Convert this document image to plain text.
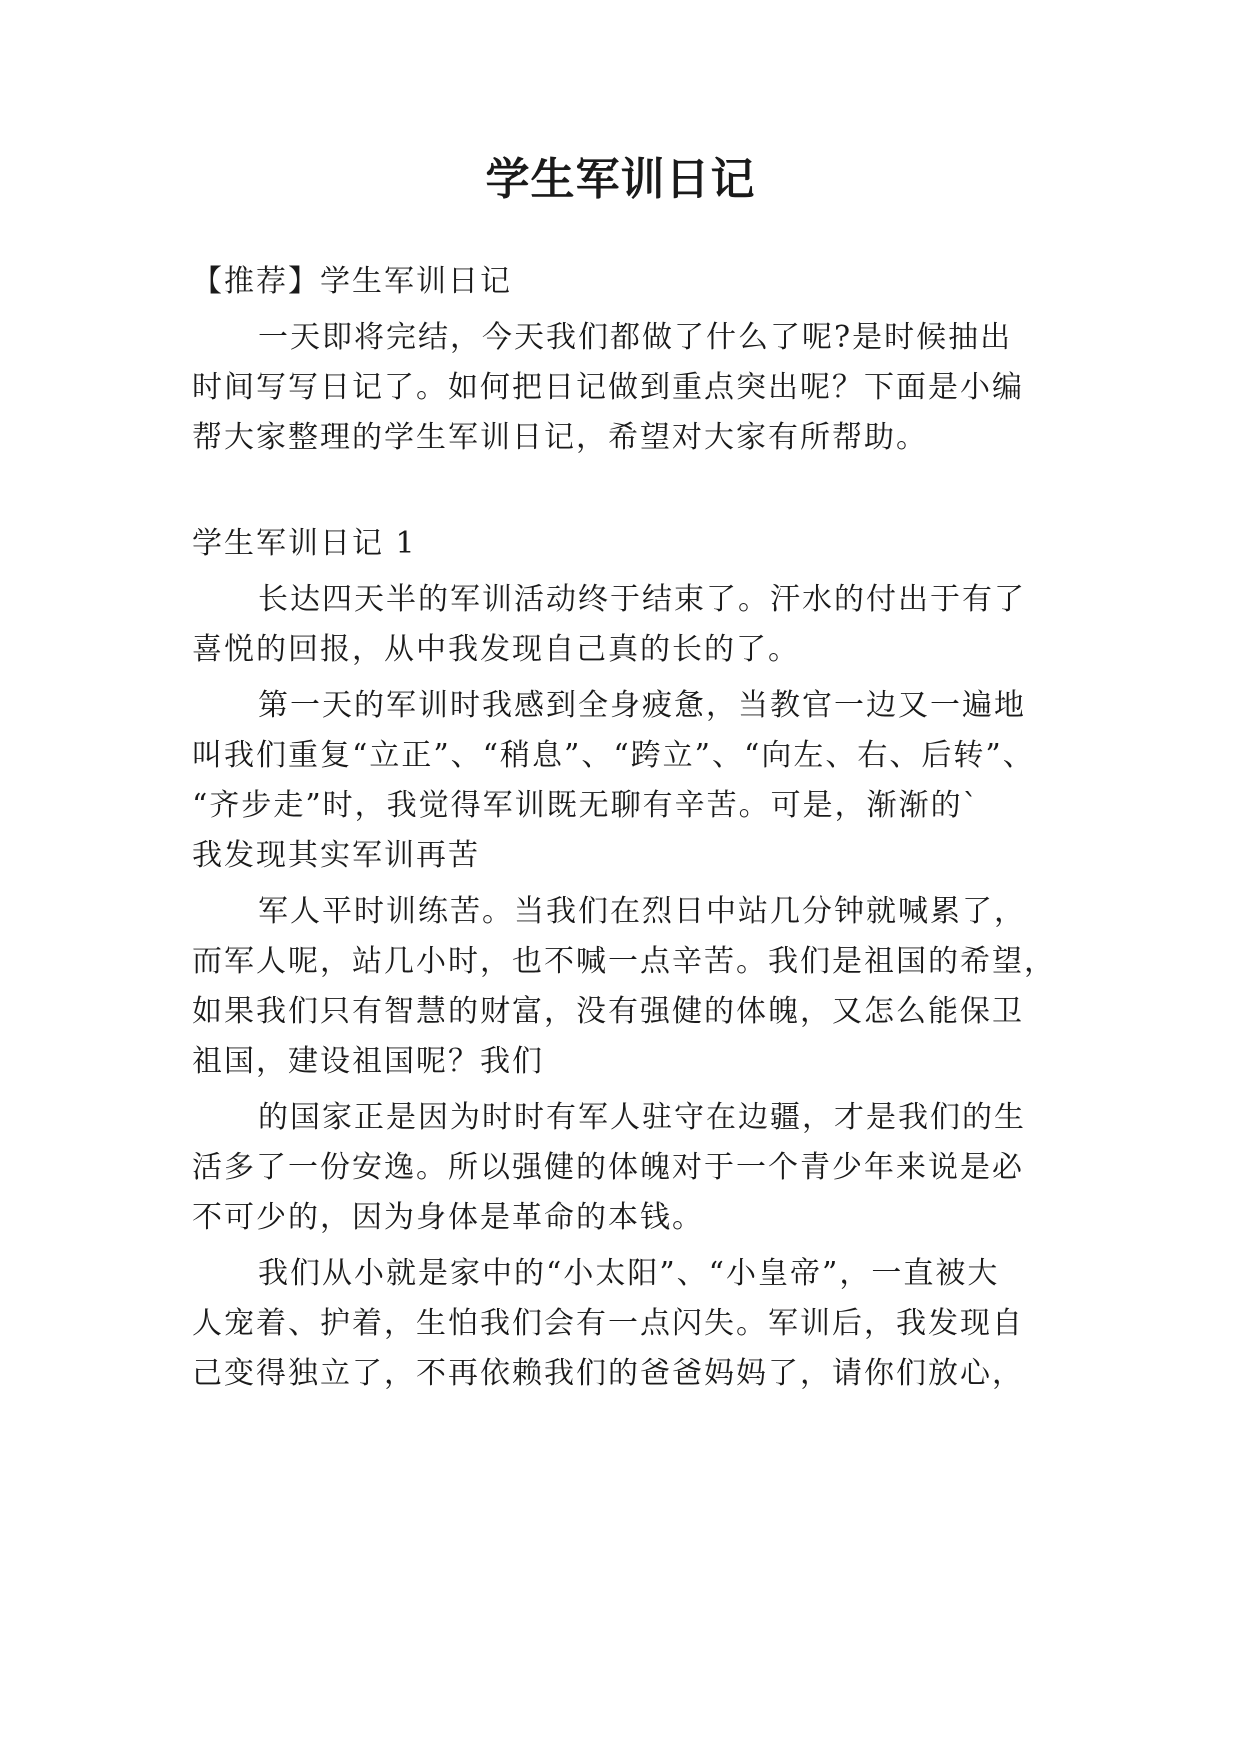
学生军训日记
【推荐】学生军训日记
一天即将完结，今天我们都做了什么了呢?是时候抽出
时间写写日记了。如何把日记做到重点突出呢？下面是小编
帮大家整理的学生军训日记，希望对大家有所帮助。
学生军训日记 1
长达四天半的军训活动终于结束了。汗水的付出于有了
喜悦的回报，从中我发现自己真的长的了。
第一天的军训时我感到全身疲惫，当教官一边又一遍地
叫我们重复“立正”、“稍息”、“跨立”、“向左、右、后转”、
“齐步走”时，我觉得军训既无聊有辛苦。可是，渐渐的`
我发现其实军训再苦
军人平时训练苦。当我们在烈日中站几分钟就喊累了，
而军人呢，站几小时，也不喊一点辛苦。我们是祖国的希望，
如果我们只有智慧的财富，没有强健的体魄，又怎么能保卫
祖国，建设祖国呢？我们
的国家正是因为时时有军人驻守在边疆，才是我们的生
活多了一份安逸。所以强健的体魄对于一个青少年来说是必
不可少的，因为身体是革命的本钱。
我们从小就是家中的“小太阳”、“小皇帝”，一直被大
人宠着、护着，生怕我们会有一点闪失。军训后，我发现自
己变得独立了，不再依赖我们的爸爸妈妈了，请你们放心，
